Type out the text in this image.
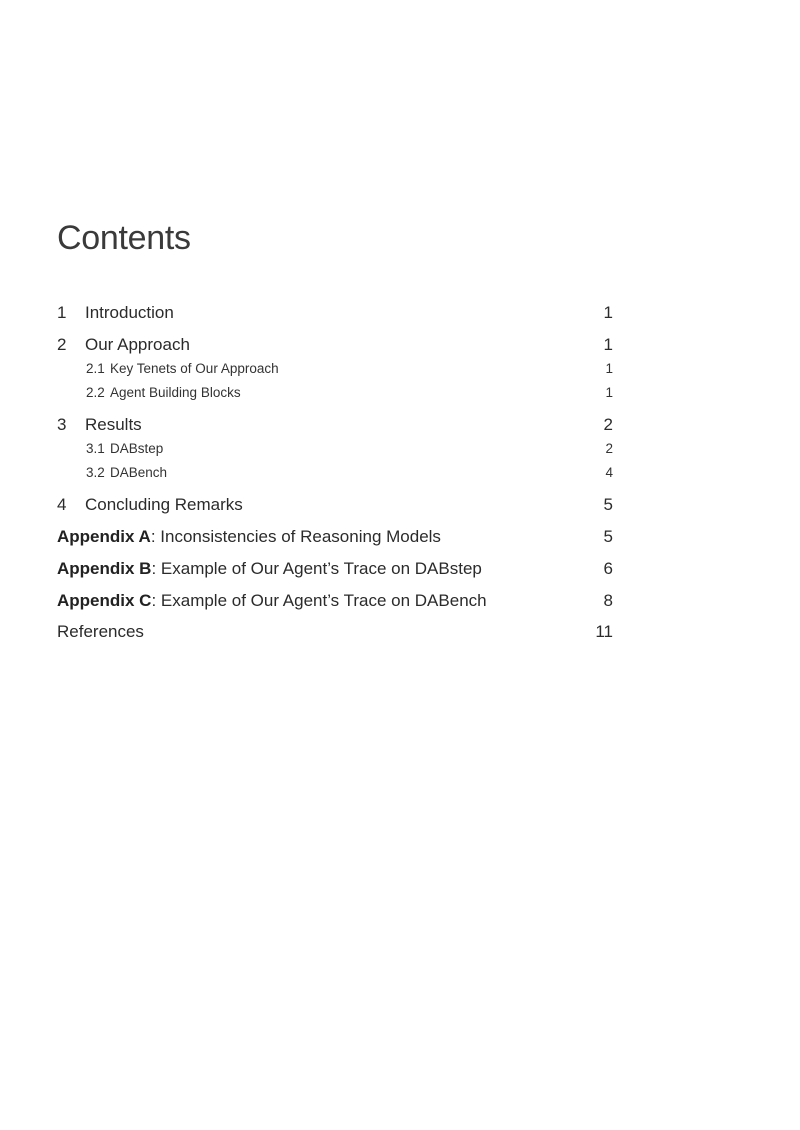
Contents
1	Introduction	1
2	Our Approach	1
2.1 Key Tenets of Our Approach	1
2.2 Agent Building Blocks	1
3	Results	2
3.1 DABstep	2
3.2 DABench	4
4	Concluding Remarks	5
Appendix A: Inconsistencies of Reasoning Models	5
Appendix B: Example of Our Agent’s Trace on DABstep	6
Appendix C: Example of Our Agent’s Trace on DABench	8
References	11
